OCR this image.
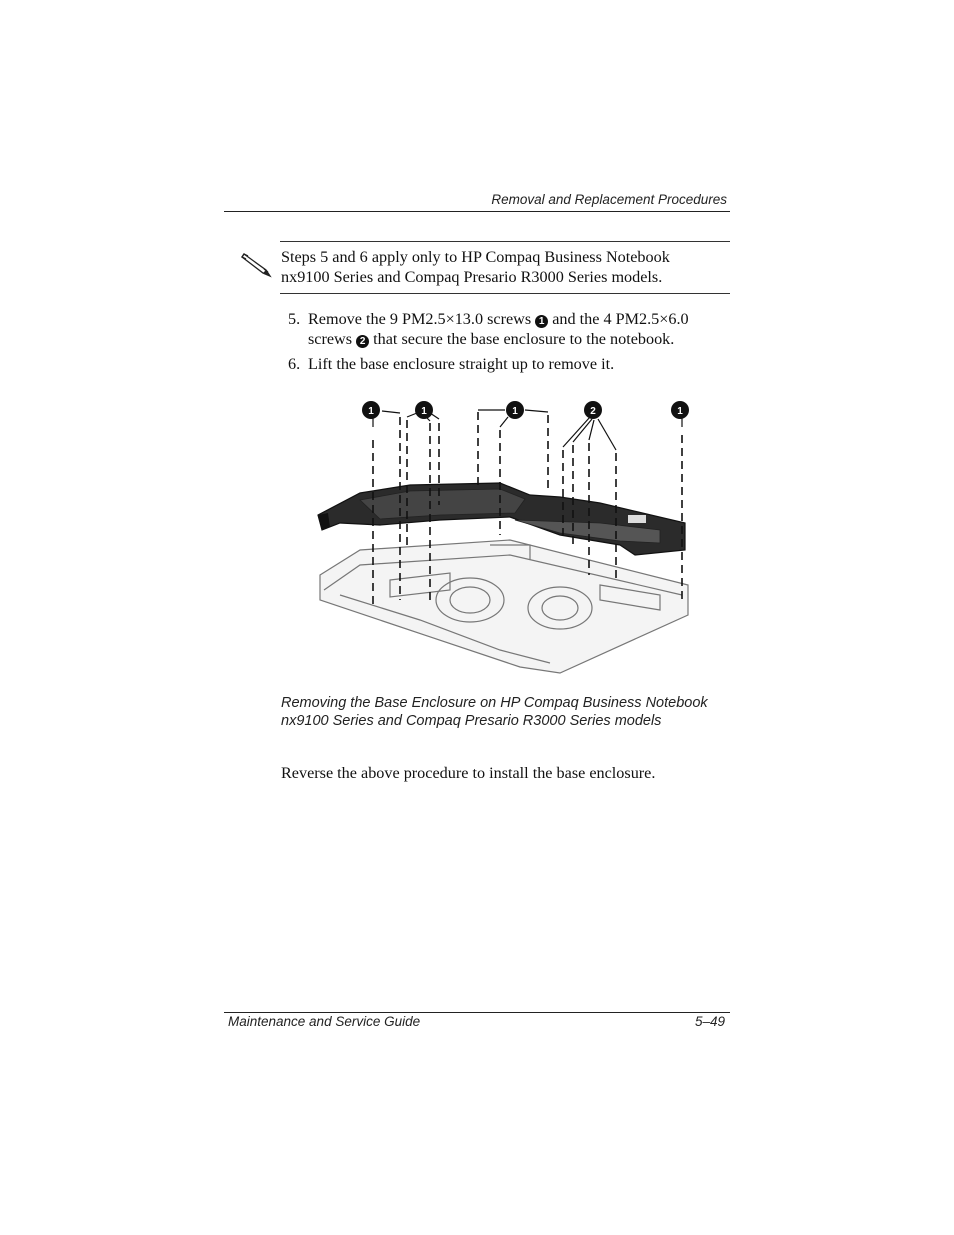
Removal and Replacement Procedures
Steps 5 and 6 apply only to HP Compaq Business Notebook
nx9100 Series and Compaq Presario R3000 Series models.
5. Remove the 9 PM2.5×13.0 screws 1 and the 4 PM2.5×6.0
screws 2 that secure the base enclosure to the notebook.
6. Lift the base enclosure straight up to remove it.
1	1	1	2	1
Removing the Base Enclosure on HP Compaq Business Notebook
nx9100 Series and Compaq Presario R3000 Series models
Reverse the above procedure to install the base enclosure.
Maintenance and Service Guide	5–49
